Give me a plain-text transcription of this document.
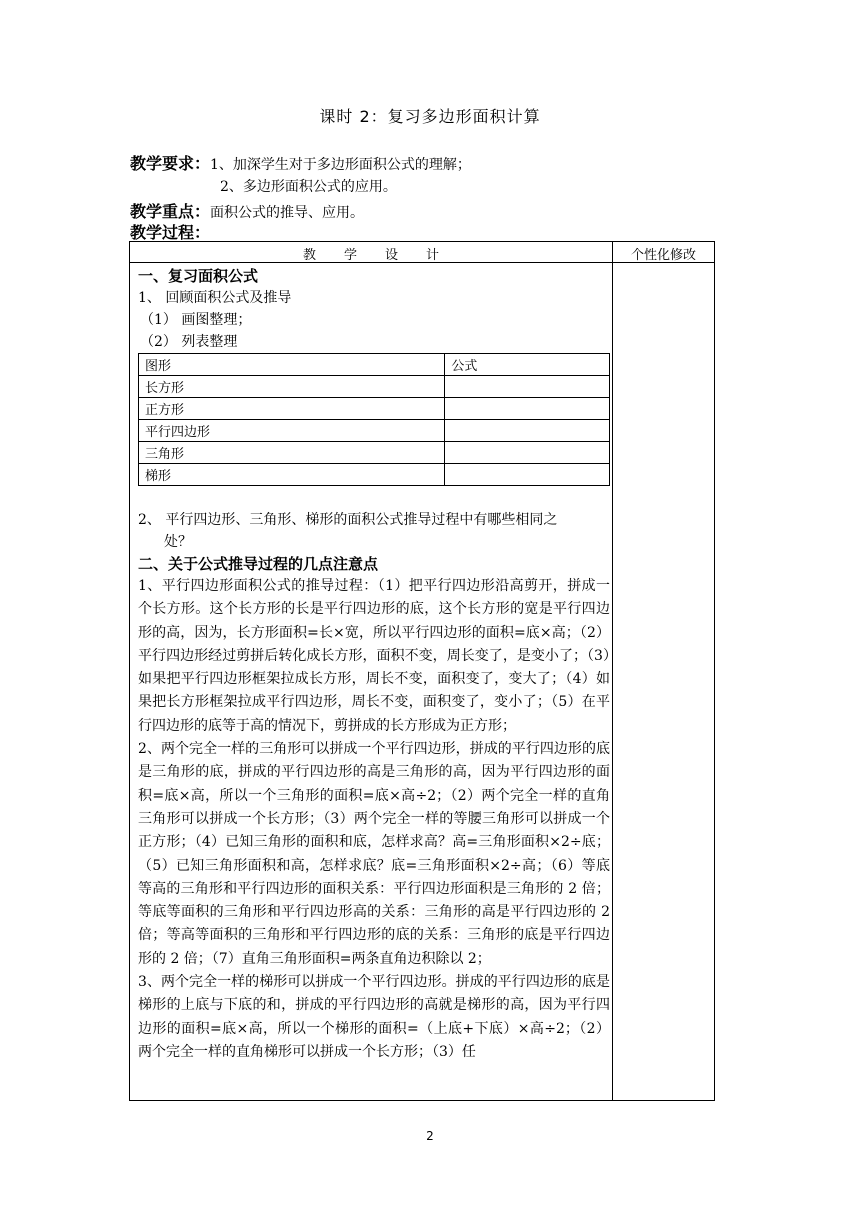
课时 2：复习多边形面积计算
教学要求：1、加深学生对于多边形面积公式的理解；
2、多边形面积公式的应用。
教学重点：面积公式的推导、应用。
教学过程：
教学设计	个性化修改
一、复习面积公式
1、 回顾面积公式及推导
（1） 画图整理；
（2） 列表整理
图形	公式
长方形	
正方形	
平行四边形	
三角形	
梯形	
2、 平行四边形、三角形、梯形的面积公式推导过程中有哪些相同之
处？
二、关于公式推导过程的几点注意点

1、平行四边形面积公式的推导过程：（1）把平行四边形沿高剪开，拼成一个长方形。这个长方形的长是平行四边形的底，这个长方形的宽是平行四边形的高，因为，长方形面积=长×宽，所以平行四边形的面积=底×高；（2）平行四边形经过剪拼后转化成长方形，面积不变，周长变了，是变小了；（3）如果把平行四边形框架拉成长方形，周长不变，面积变了，变大了；（4）如果把长方形框架拉成平行四边形，周长不变，面积变了，变小了；（5）在平行四边形的底等于高的情况下，剪拼成的长方形成为正方形；

2、两个完全一样的三角形可以拼成一个平行四边形，拼成的平行四边形的底是三角形的底，拼成的平行四边形的高是三角形的高，因为平行四边形的面积=底×高，所以一个三角形的面积=底×高÷2；（2）两个完全一样的直角三角形可以拼成一个长方形；（3）两个完全一样的等腰三角形可以拼成一个正方形；（4）已知三角形的面积和底，怎样求高？高=三角形面积×2÷底；（5）已知三角形面积和高，怎样求底？底=三角形面积×2÷高；（6）等底等高的三角形和平行四边形的面积关系：平行四边形面积是三角形的 2 倍；等底等面积的三角形和平行四边形高的关系：三角形的高是平行四边形的 2 倍；等高等面积的三角形和平行四边形的底的关系：三角形的底是平行四边形的 2 倍；（7）直角三角形面积=两条直角边积除以 2；

3、两个完全一样的梯形可以拼成一个平行四边形。拼成的平行四边形的底是梯形的上底与下底的和，拼成的平行四边形的高就是梯形的高，因为平行四边形的面积=底×高，所以一个梯形的面积=（上底+下底）×高÷2；（2）两个完全一样的直角梯形可以拼成一个长方形；（3）任

2
